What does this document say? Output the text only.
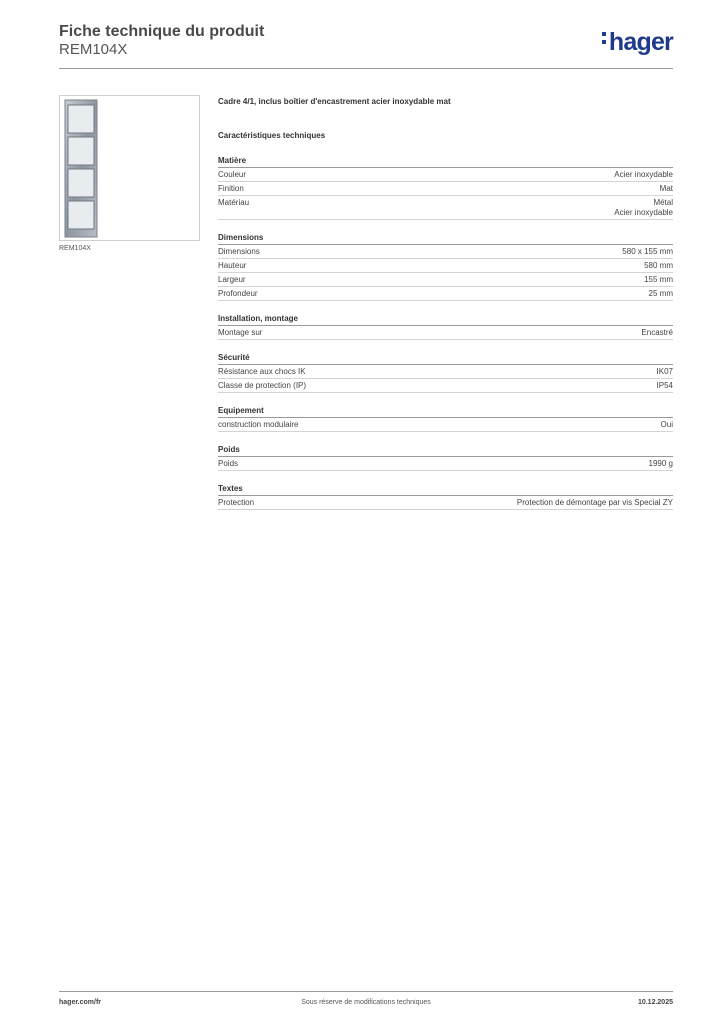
Fiche technique du produit
REM104X	hager
REM104X
Cadre 4/1, inclus boîtier d'encastrement acier inoxydable mat
Caractéristiques techniques
Matière
Couleur	Acier inoxydable
Finition	Mat
Matériau	Métal
Acier inoxydable
Dimensions
Dimensions	580 x 155 mm
Hauteur	580 mm
Largeur	155 mm
Profondeur	25 mm
Installation, montage
Montage sur	Encastré
Sécurité
Résistance aux chocs IK	IK07
Classe de protection (IP)	IP54
Equipement
construction modulaire	Oui
Poids
Poids	1990 g
Textes
Protection	Protection de démontage par vis Special ZY
hager.com/fr	Sous réserve de modifications techniques	10.12.2025
